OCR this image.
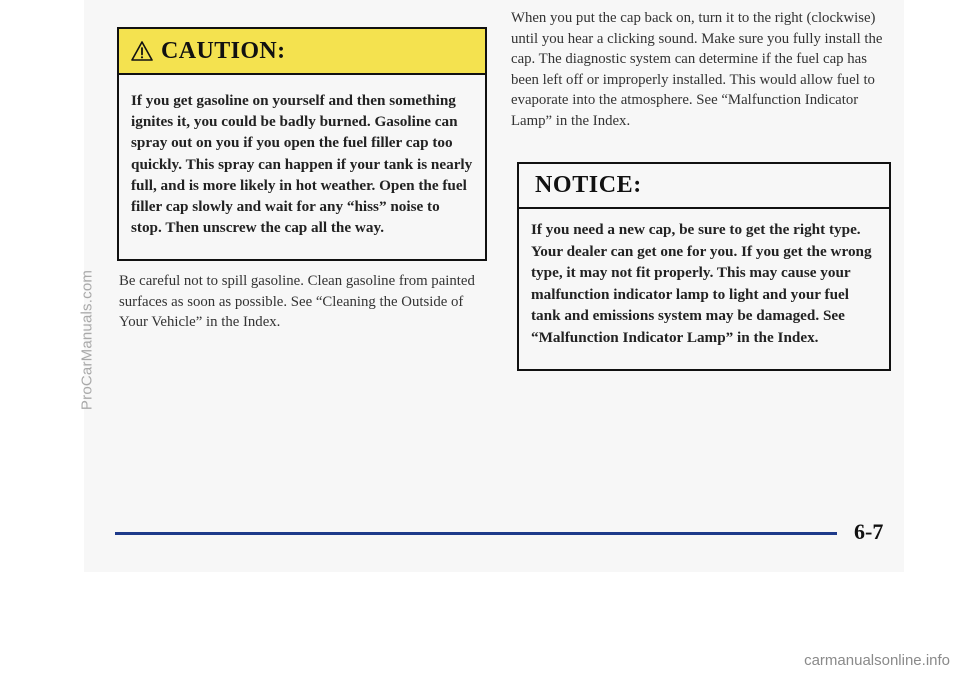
ProCarManuals.com
CAUTION:
If you get gasoline on yourself and then something ignites it, you could be badly burned. Gasoline can spray out on you if you open the fuel filler cap too quickly. This spray can happen if your tank is nearly full, and is more likely in hot weather. Open the fuel filler cap slowly and wait for any “hiss” noise to stop. Then unscrew the cap all the way.
Be careful not to spill gasoline. Clean gasoline from painted surfaces as soon as possible. See “Cleaning the Outside of Your Vehicle” in the Index.
When you put the cap back on, turn it to the right (clockwise) until you hear a clicking sound. Make sure you fully install the cap. The diagnostic system can determine if the fuel cap has been left off or improperly installed. This would allow fuel to evaporate into the atmosphere. See “Malfunction Indicator Lamp” in the Index.
NOTICE:
If you need a new cap, be sure to get the right type. Your dealer can get one for you. If you get the wrong type, it may not fit properly. This may cause your malfunction indicator lamp to light and your fuel tank and emissions system may be damaged. See “Malfunction Indicator Lamp” in the Index.
6-7
carmanualsonline.info
